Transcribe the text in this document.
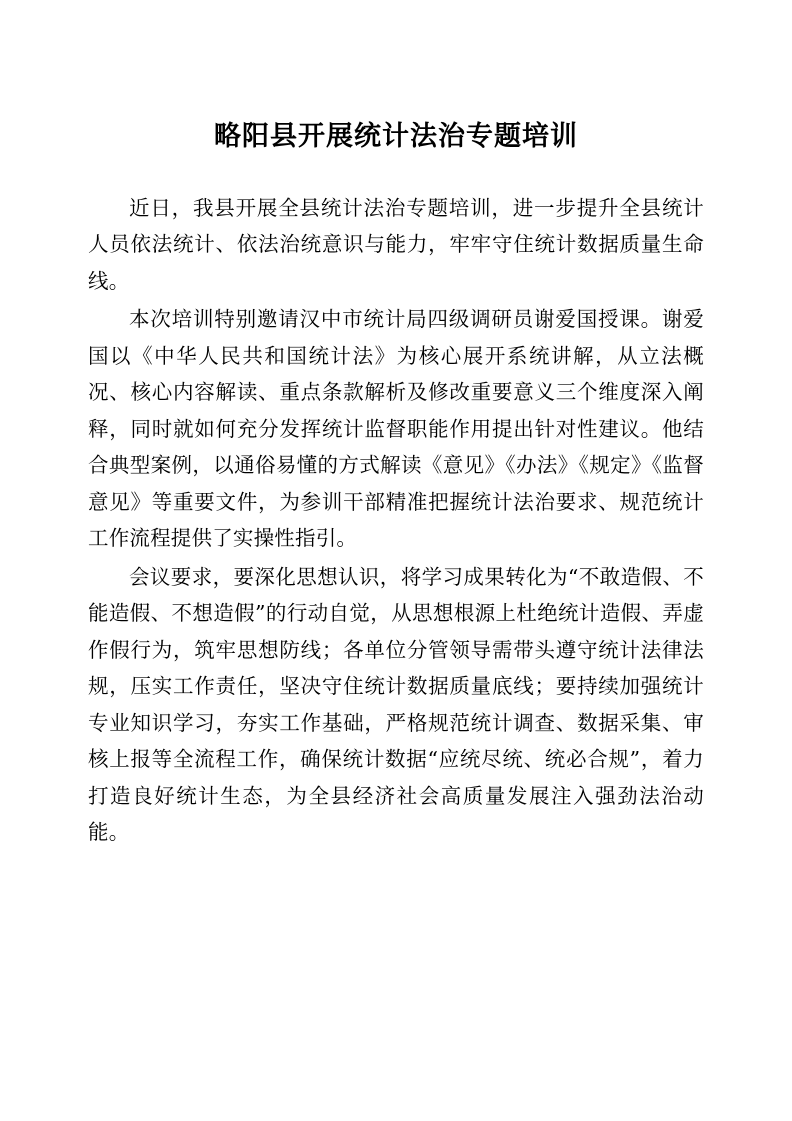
略阳县开展统计法治专题培训

近日，我县开展全县统计法治专题培训，进一步提升全县统计人员依法统计、依法治统意识与能力，牢牢守住统计数据质量生命线。

本次培训特别邀请汉中市统计局四级调研员谢爱国授课。谢爱国以《中华人民共和国统计法》为核心展开系统讲解，从立法概况、核心内容解读、重点条款解析及修改重要意义三个维度深入阐释，同时就如何充分发挥统计监督职能作用提出针对性建议。他结合典型案例，以通俗易懂的方式解读《意见》《办法》《规定》《监督意见》等重要文件，为参训干部精准把握统计法治要求、规范统计工作流程提供了实操性指引。

会议要求，要深化思想认识，将学习成果转化为“不敢造假、不能造假、不想造假”的行动自觉，从思想根源上杜绝统计造假、弄虚作假行为，筑牢思想防线；各单位分管领导需带头遵守统计法律法规，压实工作责任，坚决守住统计数据质量底线；要持续加强统计专业知识学习，夯实工作基础，严格规范统计调查、数据采集、审核上报等全流程工作，确保统计数据“应统尽统、统必合规”，着力打造良好统计生态，为全县经济社会高质量发展注入强劲法治动能。
